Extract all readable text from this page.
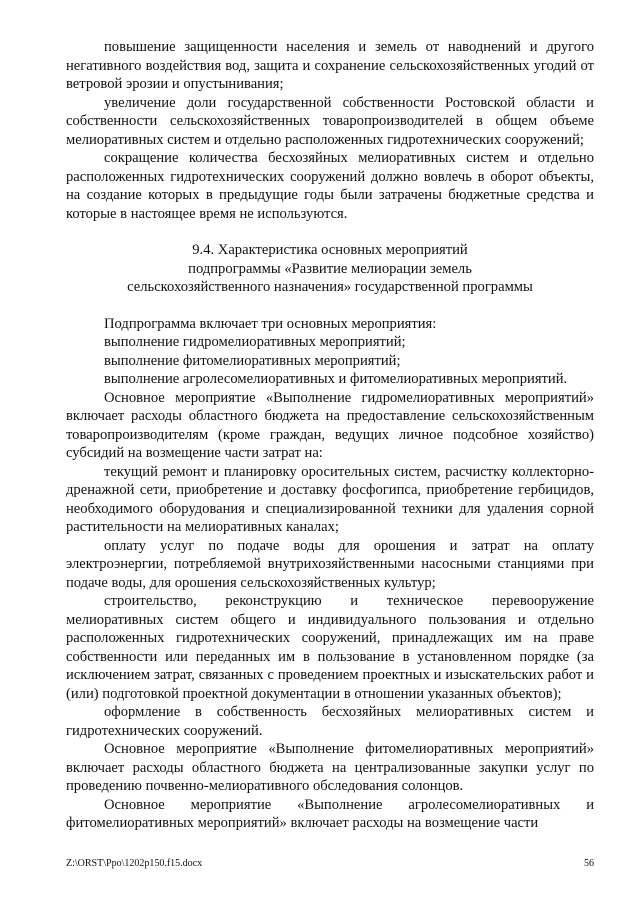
повышение защищенности населения и земель от наводнений и другого негативного воздействия вод, защита и сохранение сельскохозяйственных угодий от ветровой эрозии и опустынивания;

увеличение доли государственной собственности Ростовской области и собственности сельскохозяйственных товаропроизводителей в общем объеме мелиоративных систем и отдельно расположенных гидротехнических сооружений;

сокращение количества бесхозяйных мелиоративных систем и отдельно расположенных гидротехнических сооружений должно вовлечь в оборот объекты, на создание которых в предыдущие годы были затрачены бюджетные средства и которые в настоящее время не используются.

9.4. Характеристика основных мероприятий
подпрограммы «Развитие мелиорации земель
сельскохозяйственного назначения» государственной программы

Подпрограмма включает три основных мероприятия:

выполнение гидромелиоративных мероприятий;

выполнение фитомелиоративных мероприятий;

выполнение агролесомелиоративных и фитомелиоративных мероприятий.

Основное мероприятие «Выполнение гидромелиоративных мероприятий» включает расходы областного бюджета на предоставление сельскохозяйственным товаропроизводителям (кроме граждан, ведущих личное подсобное хозяйство) субсидий на возмещение части затрат на:

текущий ремонт и планировку оросительных систем, расчистку коллекторно-дренажной сети, приобретение и доставку фосфогипса, приобретение гербицидов, необходимого оборудования и специализированной техники для удаления сорной растительности на мелиоративных каналах;

оплату услуг по подаче воды для орошения и затрат на оплату электроэнергии, потребляемой внутрихозяйственными насосными станциями при подаче воды, для орошения сельскохозяйственных культур;

строительство, реконструкцию и техническое перевооружение мелиоративных систем общего и индивидуального пользования и отдельно расположенных гидротехнических сооружений, принадлежащих им на праве собственности или переданных им в пользование в установленном порядке (за исключением затрат, связанных с проведением проектных и изыскательских работ и (или) подготовкой проектной документации в отношении указанных объектов);

оформление в собственность бесхозяйных мелиоративных систем и гидротехнических сооружений.

Основное мероприятие «Выполнение фитомелиоративных мероприятий» включает расходы областного бюджета на централизованные закупки услуг по проведению почвенно-мелиоративного обследования солонцов.

Основное мероприятие «Выполнение агролесомелиоративных и фитомелиоративных мероприятий» включает расходы на возмещение части

Z:\ORST\Ppo\1202p150.f15.docx	56
